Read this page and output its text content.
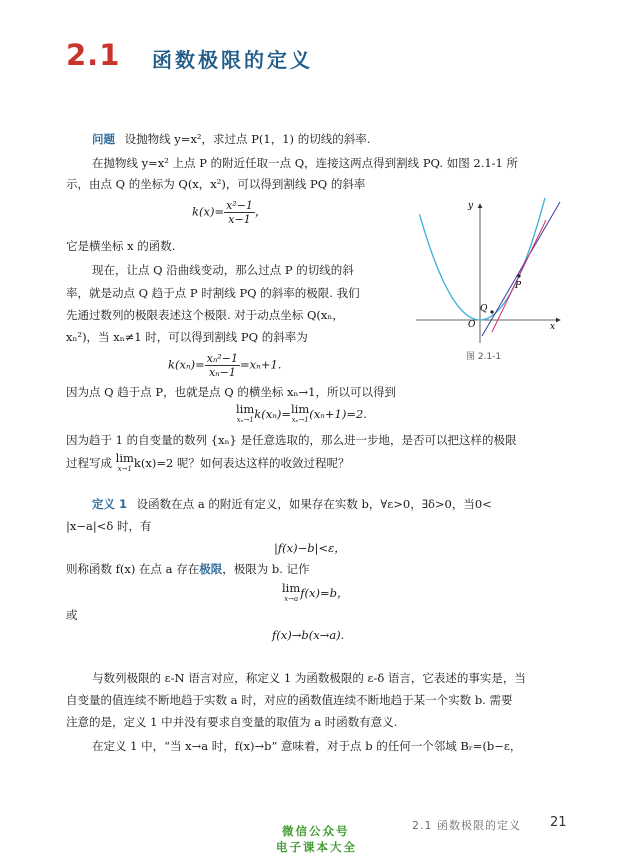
2.1 函数极限的定义
问题 设抛物线 y=x²，求过点 P(1，1) 的切线的斜率.
在抛物线 y=x² 上点 P 的附近任取一点 Q，连接这两点得到割线 PQ. 如图 2.1-1 所
示，由点 Q 的坐标为 Q(x，x²)，可以得到割线 PQ 的斜率
$k(x)= \frac{\text{x²−1}}{x-1}$ ，
它是横坐标 x 的函数.
现在，让点 Q 沿曲线变动，那么过点 P 的切线的斜
率，就是动点 Q 趋于点 P 时割线 PQ 的斜率的极限. 我们
先通过数列的极限表述这个极限. 对于动点坐标 Q(xₙ，
xₙ²)，当 xₙ≠1 时，可以得到割线 PQ 的斜率为
$k(x_n)= \frac{\text{xₙ²−1}}{\text{xₙ−1}} =x_n+1$.
因为点 Q 趋于点 P，也就是点 Q 的横坐标 xₙ→1，所以可以得到
lim
xₙ→1 k(xₙ)= lim
xₙ→1 (xₙ+1)=2.
因为趋于 1 的自变量的数列 {xₙ} 是任意选取的，那么进一步地，是否可以把这样的极限
过程写成 lim
x→1 k(x)=2 呢？如何表达这样的收敛过程呢？
定义 1 设函数在点 a 的附近有定义，如果存在实数 b，∀ε>0，∃δ>0，当0<
|x−a|<δ 时，有
|f(x)−b|<ε，
则称函数 f(x) 在点 a 存在极限，极限为 b. 记作
lim
x→a f(x)=b，
或
f(x)→b(x→a).
与数列极限的 ε-N 语言对应，称定义 1 为函数极限的 ε-δ 语言，它表述的事实是，当
自变量的值连续不断地趋于实数 a 时，对应的函数值连续不断地趋于某一个实数 b. 需要
注意的是，定义 1 中并没有要求自变量的取值为 a 时函数有意义.
在定义 1 中，“当 x→a 时，f(x)→b” 意味着，对于点 b 的任何一个邻域 Bᵣ=(b−ε，
y
x
O
P
Q
图 2.1-1
2.1 函数极限的定义 21
微信公众号
电子课本大全
